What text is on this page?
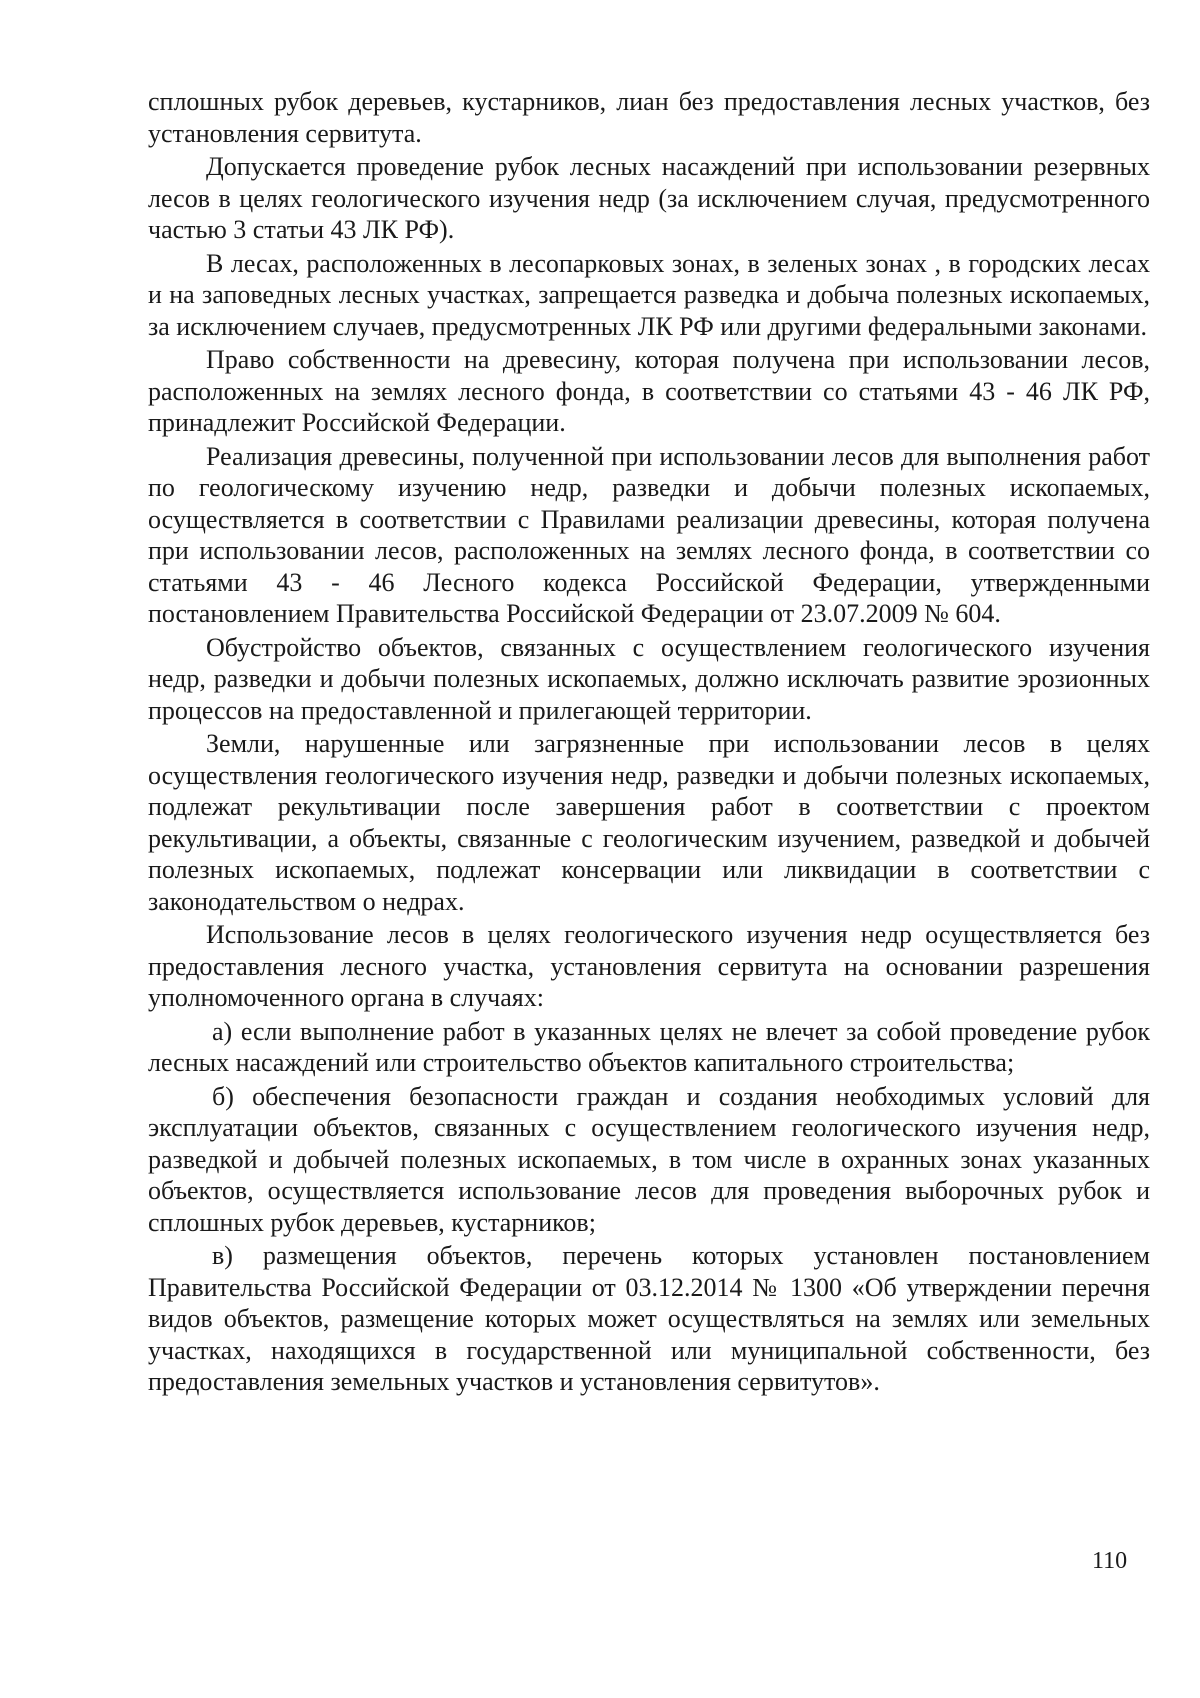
сплошных рубок деревьев, кустарников, лиан без предоставления лесных участков, без установления сервитута.

Допускается проведение рубок лесных насаждений при использовании резервных лесов в целях геологического изучения недр (за исключением случая, предусмотренного частью 3 статьи 43 ЛК РФ).

В лесах, расположенных в лесопарковых зонах, в зеленых зонах , в городских лесах и на заповедных лесных участках, запрещается разведка и добыча полезных ископаемых, за исключением случаев, предусмотренных ЛК РФ или другими федеральными законами.

Право собственности на древесину, которая получена при использовании лесов, расположенных на землях лесного фонда, в соответствии со статьями 43 - 46 ЛК РФ, принадлежит Российской Федерации.

Реализация древесины, полученной при использовании лесов для выполнения работ по геологическому изучению недр, разведки и добычи полезных ископаемых, осуществляется в соответствии с Правилами реализации древесины, которая получена при использовании лесов, расположенных на землях лесного фонда, в соответствии со статьями 43 - 46 Лесного кодекса Российской Федерации, утвержденными постановлением Правительства Российской Федерации от 23.07.2009 № 604.

Обустройство объектов, связанных с осуществлением геологического изучения недр, разведки и добычи полезных ископаемых, должно исключать развитие эрозионных процессов на предоставленной и прилегающей территории.

Земли, нарушенные или загрязненные при использовании лесов в целях осуществления геологического изучения недр, разведки и добычи полезных ископаемых, подлежат рекультивации после завершения работ в соответствии с проектом рекультивации, а объекты, связанные с геологическим изучением, разведкой и добычей полезных ископаемых, подлежат консервации или ликвидации в соответствии с законодательством о недрах.

Использование лесов в целях геологического изучения недр осуществляется без предоставления лесного участка, установления сервитута на основании разрешения уполномоченного органа в случаях:

а) если выполнение работ в указанных целях не влечет за собой проведение рубок лесных насаждений или строительство объектов капитального строительства;

б) обеспечения безопасности граждан и создания необходимых условий для эксплуатации объектов, связанных с осуществлением геологического изучения недр, разведкой и добычей полезных ископаемых, в том числе в охранных зонах указанных объектов, осуществляется использование лесов для проведения выборочных рубок и сплошных рубок деревьев, кустарников;

в) размещения объектов, перечень которых установлен постановлением Правительства Российской Федерации от 03.12.2014 № 1300 «Об утверждении перечня видов объектов, размещение которых может осуществляться на землях или земельных участках, находящихся в государственной или муниципальной собственности, без предоставления земельных участков и установления сервитутов».

110
